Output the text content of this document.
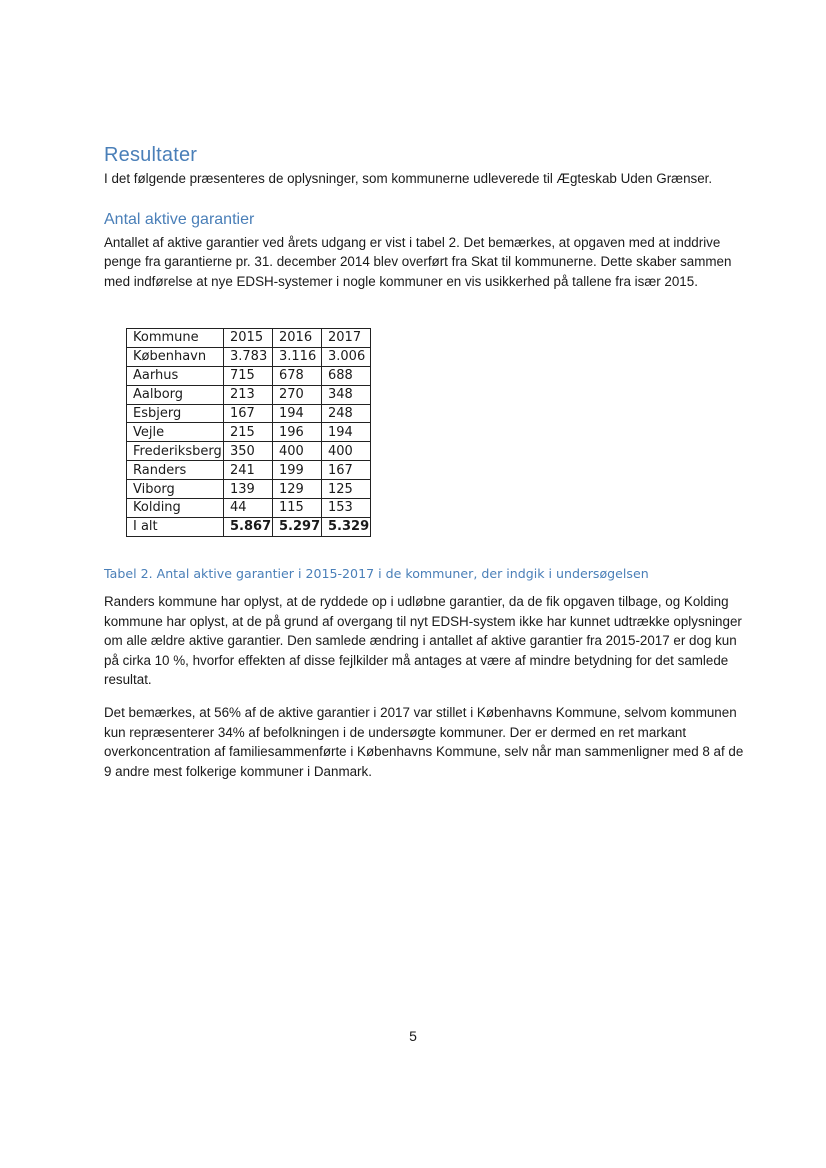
Resultater
I det følgende præsenteres de oplysninger, som kommunerne udleverede til Ægteskab Uden Grænser.
Antal aktive garantier
Antallet af aktive garantier ved årets udgang er vist i tabel 2. Det bemærkes, at opgaven med at inddrive penge fra garantierne pr. 31. december 2014 blev overført fra Skat til kommunerne. Dette skaber sammen med indførelse at nye EDSH-systemer i nogle kommuner en vis usikkerhed på tallene fra især 2015.
Kommune	2015	2016	2017
København	3.783	3.116	3.006
Aarhus	715	678	688
Aalborg	213	270	348
Esbjerg	167	194	248
Vejle	215	196	194
Frederiksberg	350	400	400
Randers	241	199	167
Viborg	139	129	125
Kolding	44	115	153
I alt	5.867	5.297	5.329
Tabel 2. Antal aktive garantier i 2015-2017 i de kommuner, der indgik i undersøgelsen
Randers kommune har oplyst, at de ryddede op i udløbne garantier, da de fik opgaven tilbage, og Kolding kommune har oplyst, at de på grund af overgang til nyt EDSH-system ikke har kunnet udtrække oplysninger om alle ældre aktive garantier. Den samlede ændring i antallet af aktive garantier fra 2015-2017 er dog kun på cirka 10 %, hvorfor effekten af disse fejlkilder må antages at være af mindre betydning for det samlede resultat.
Det bemærkes, at 56% af de aktive garantier i 2017 var stillet i Københavns Kommune, selvom kommunen kun repræsenterer 34% af befolkningen i de undersøgte kommuner. Der er dermed en ret markant overkoncentration af familiesammenførte i Københavns Kommune, selv når man sammenligner med 8 af de 9 andre mest folkerige kommuner i Danmark.
5
